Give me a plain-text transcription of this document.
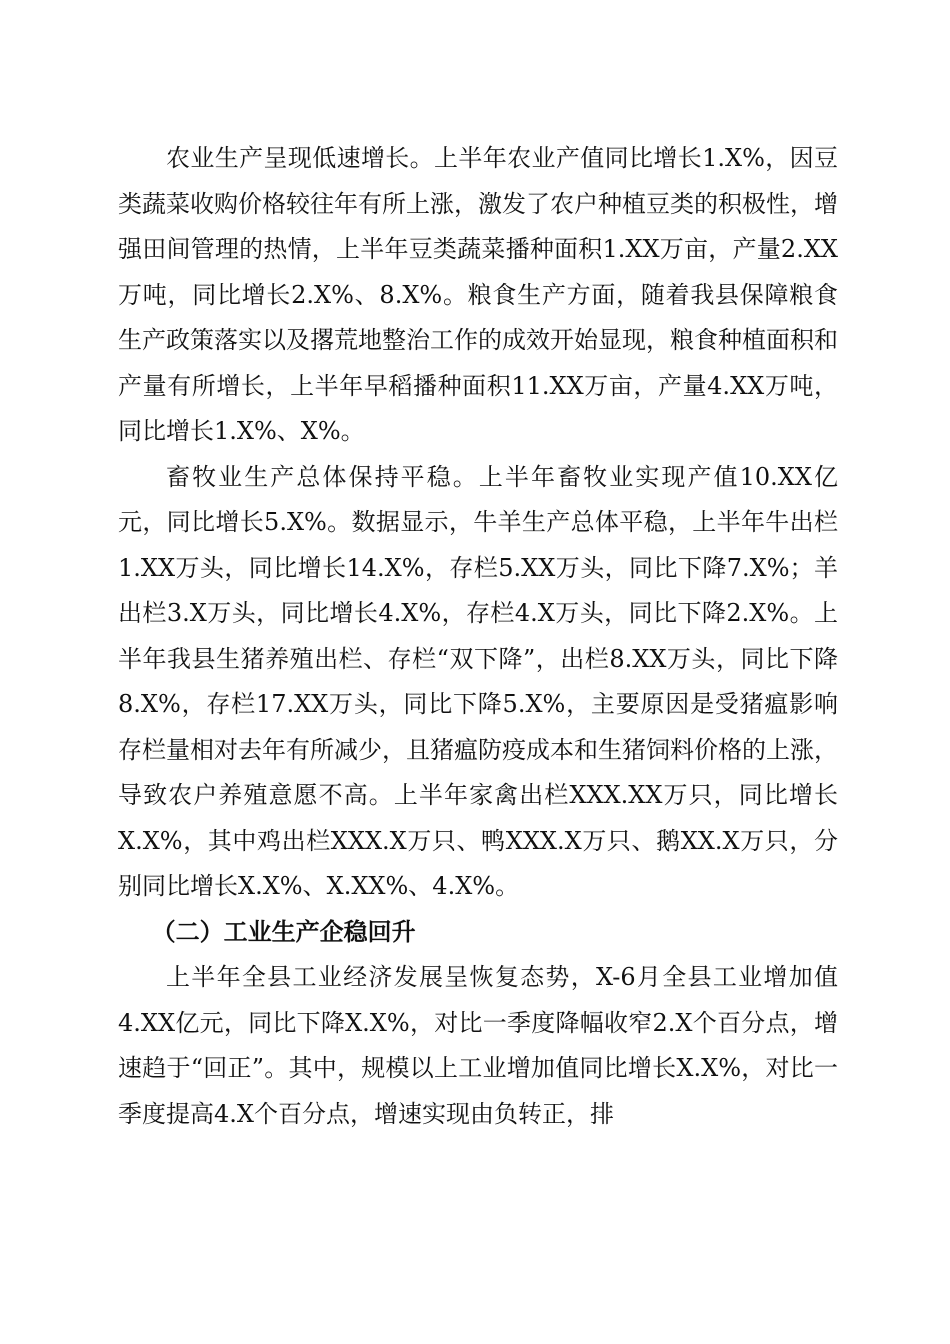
农业生产呈现低速增长。上半年农业产值同比增长1.X%，因豆类蔬菜收购价格较往年有所上涨，激发了农户种植豆类的积极性，增强田间管理的热情，上半年豆类蔬菜播种面积1.XX万亩，产量2.XX万吨，同比增长2.X%、8.X%。粮食生产方面，随着我县保障粮食生产政策落实以及撂荒地整治工作的成效开始显现，粮食种植面积和产量有所增长，上半年早稻播种面积11.XX万亩，产量4.XX万吨，同比增长1.X%、X%。

畜牧业生产总体保持平稳。上半年畜牧业实现产值10.XX亿元，同比增长5.X%。数据显示，牛羊生产总体平稳，上半年牛出栏1.XX万头，同比增长14.X%，存栏5.XX万头，同比下降7.X%；羊出栏3.X万头，同比增长4.X%，存栏4.X万头，同比下降2.X%。上半年我县生猪养殖出栏、存栏“双下降”，出栏8.XX万头，同比下降8.X%，存栏17.XX万头，同比下降5.X%，主要原因是受猪瘟影响存栏量相对去年有所减少，且猪瘟防疫成本和生猪饲料价格的上涨，导致农户养殖意愿不高。上半年家禽出栏XXX.XX万只，同比增长X.X%，其中鸡出栏XXX.X万只、鸭XXX.X万只、鹅XX.X万只，分别同比增长X.X%、X.XX%、4.X%。

（二）工业生产企稳回升

上半年全县工业经济发展呈恢复态势，X-6月全县工业增加值4.XX亿元，同比下降X.X%，对比一季度降幅收窄2.X个百分点，增速趋于“回正”。其中，规模以上工业增加值同比增长X.X%，对比一季度提高4.X个百分点，增速实现由负转正，排
